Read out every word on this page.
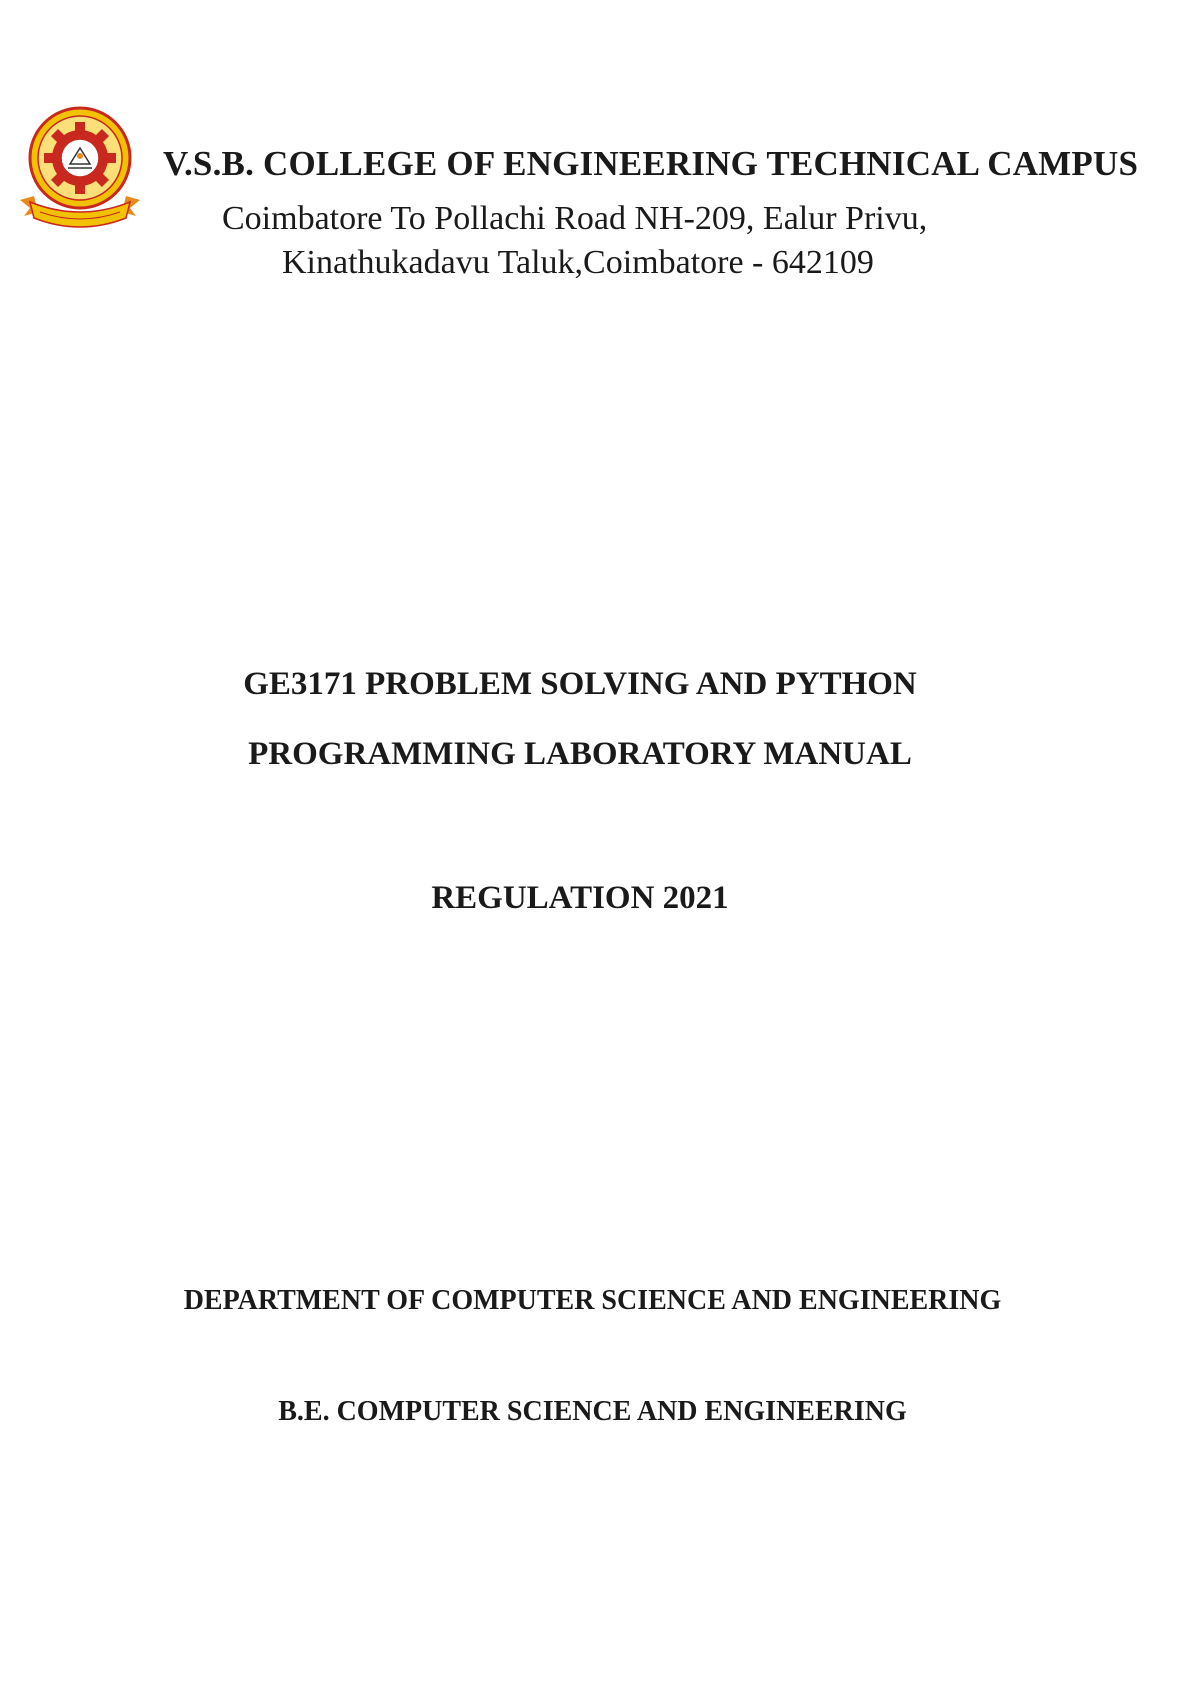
V.S.B. COLLEGE OF ENGINEERING TECHNICAL CAMPUS
Coimbatore To Pollachi Road NH-209, Ealur Privu,
Kinathukadavu Taluk,Coimbatore - 642109
GE3171 PROBLEM SOLVING AND PYTHON
PROGRAMMING LABORATORY MANUAL
REGULATION 2021
DEPARTMENT OF COMPUTER SCIENCE AND ENGINEERING
B.E. COMPUTER SCIENCE AND ENGINEERING
